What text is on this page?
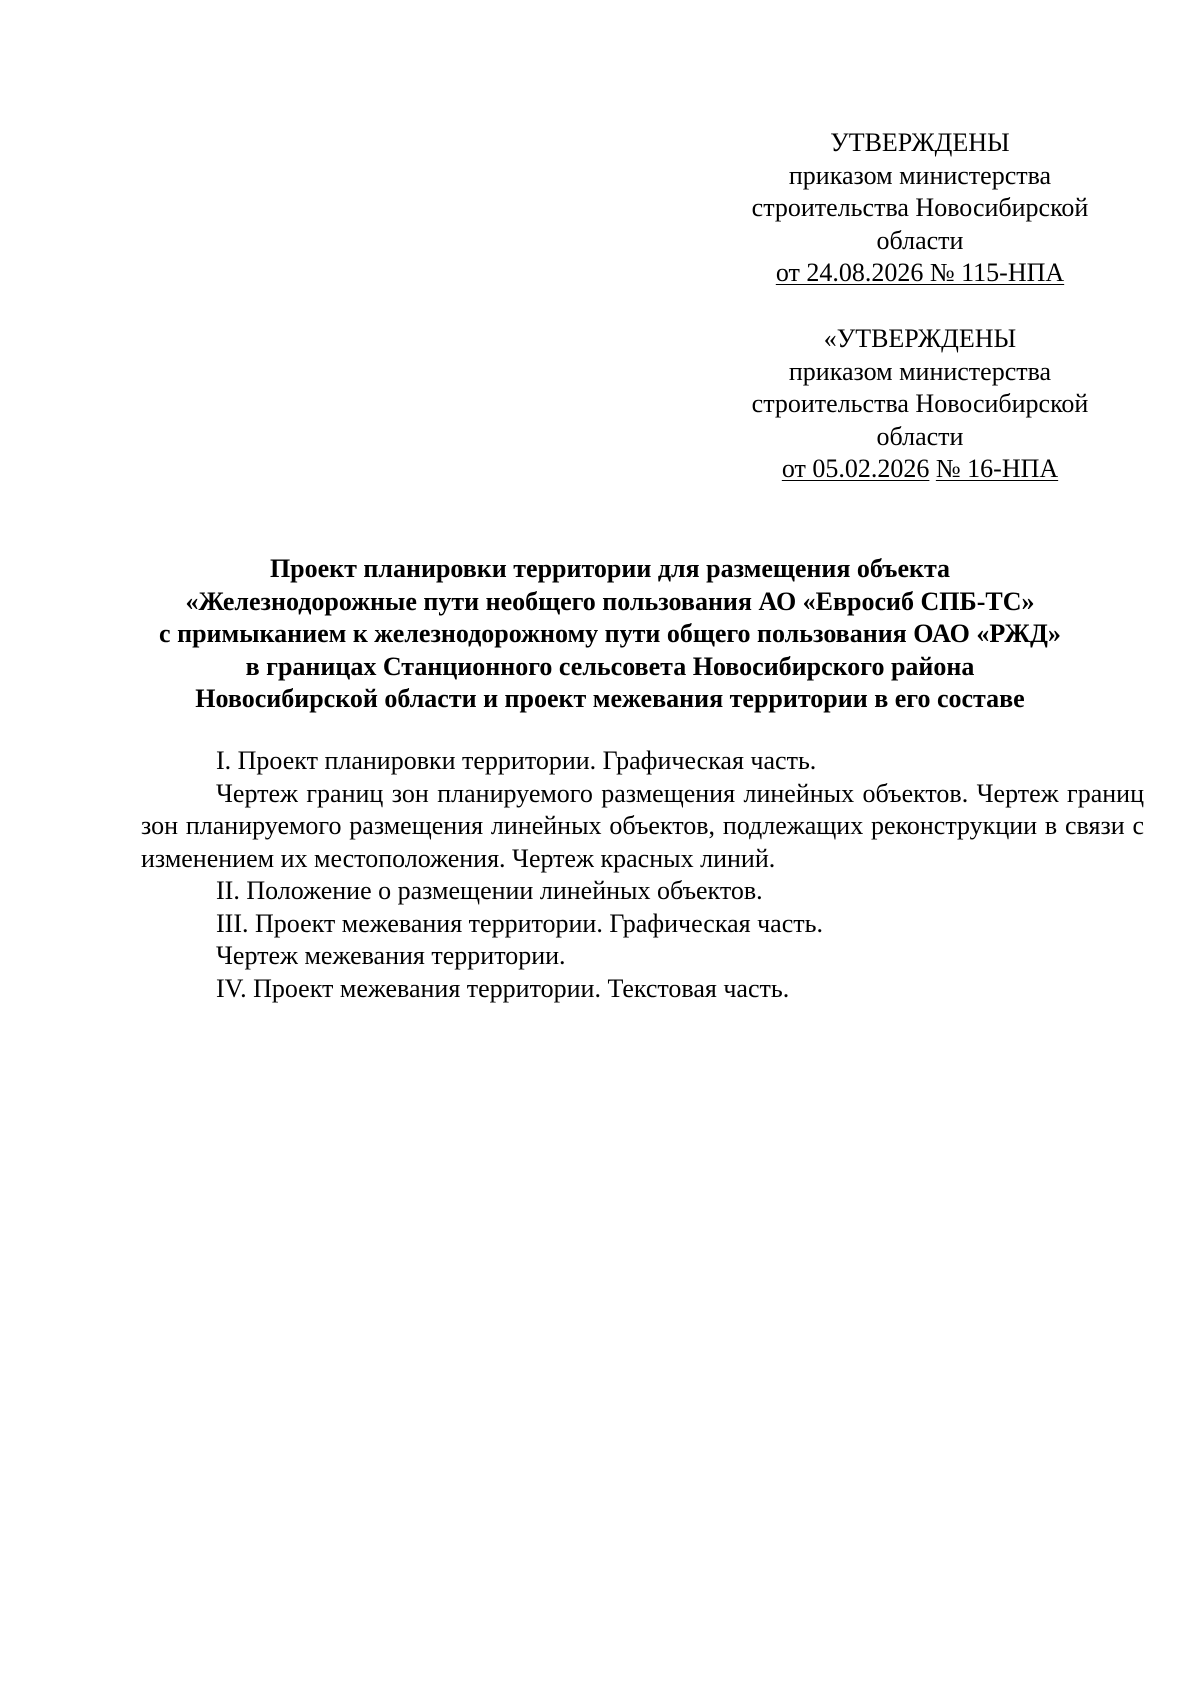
УТВЕРЖДЕНЫ
приказом министерства
строительства Новосибирской
области
от 24.08.2026 № 115-НПА
«УТВЕРЖДЕНЫ
приказом министерства
строительства Новосибирской
области
от 05.02.2026 № 16-НПА
Проект планировки территории для размещения объекта
«Железнодорожные пути необщего пользования АО «Евросиб СПБ-ТС»
с примыканием к железнодорожному пути общего пользования ОАО «РЖД»
в границах Станционного сельсовета Новосибирского района
Новосибирской области и проект межевания территории в его составе

I. Проект планировки территории. Графическая часть.

Чертеж границ зон планируемого размещения линейных объектов. Чертеж границ зон планируемого размещения линейных объектов, подлежащих реконструкции в связи с изменением их местоположения. Чертеж красных линий.

II. Положение о размещении линейных объектов.

III. Проект межевания территории. Графическая часть.

Чертеж межевания территории.

IV. Проект межевания территории. Текстовая часть.
